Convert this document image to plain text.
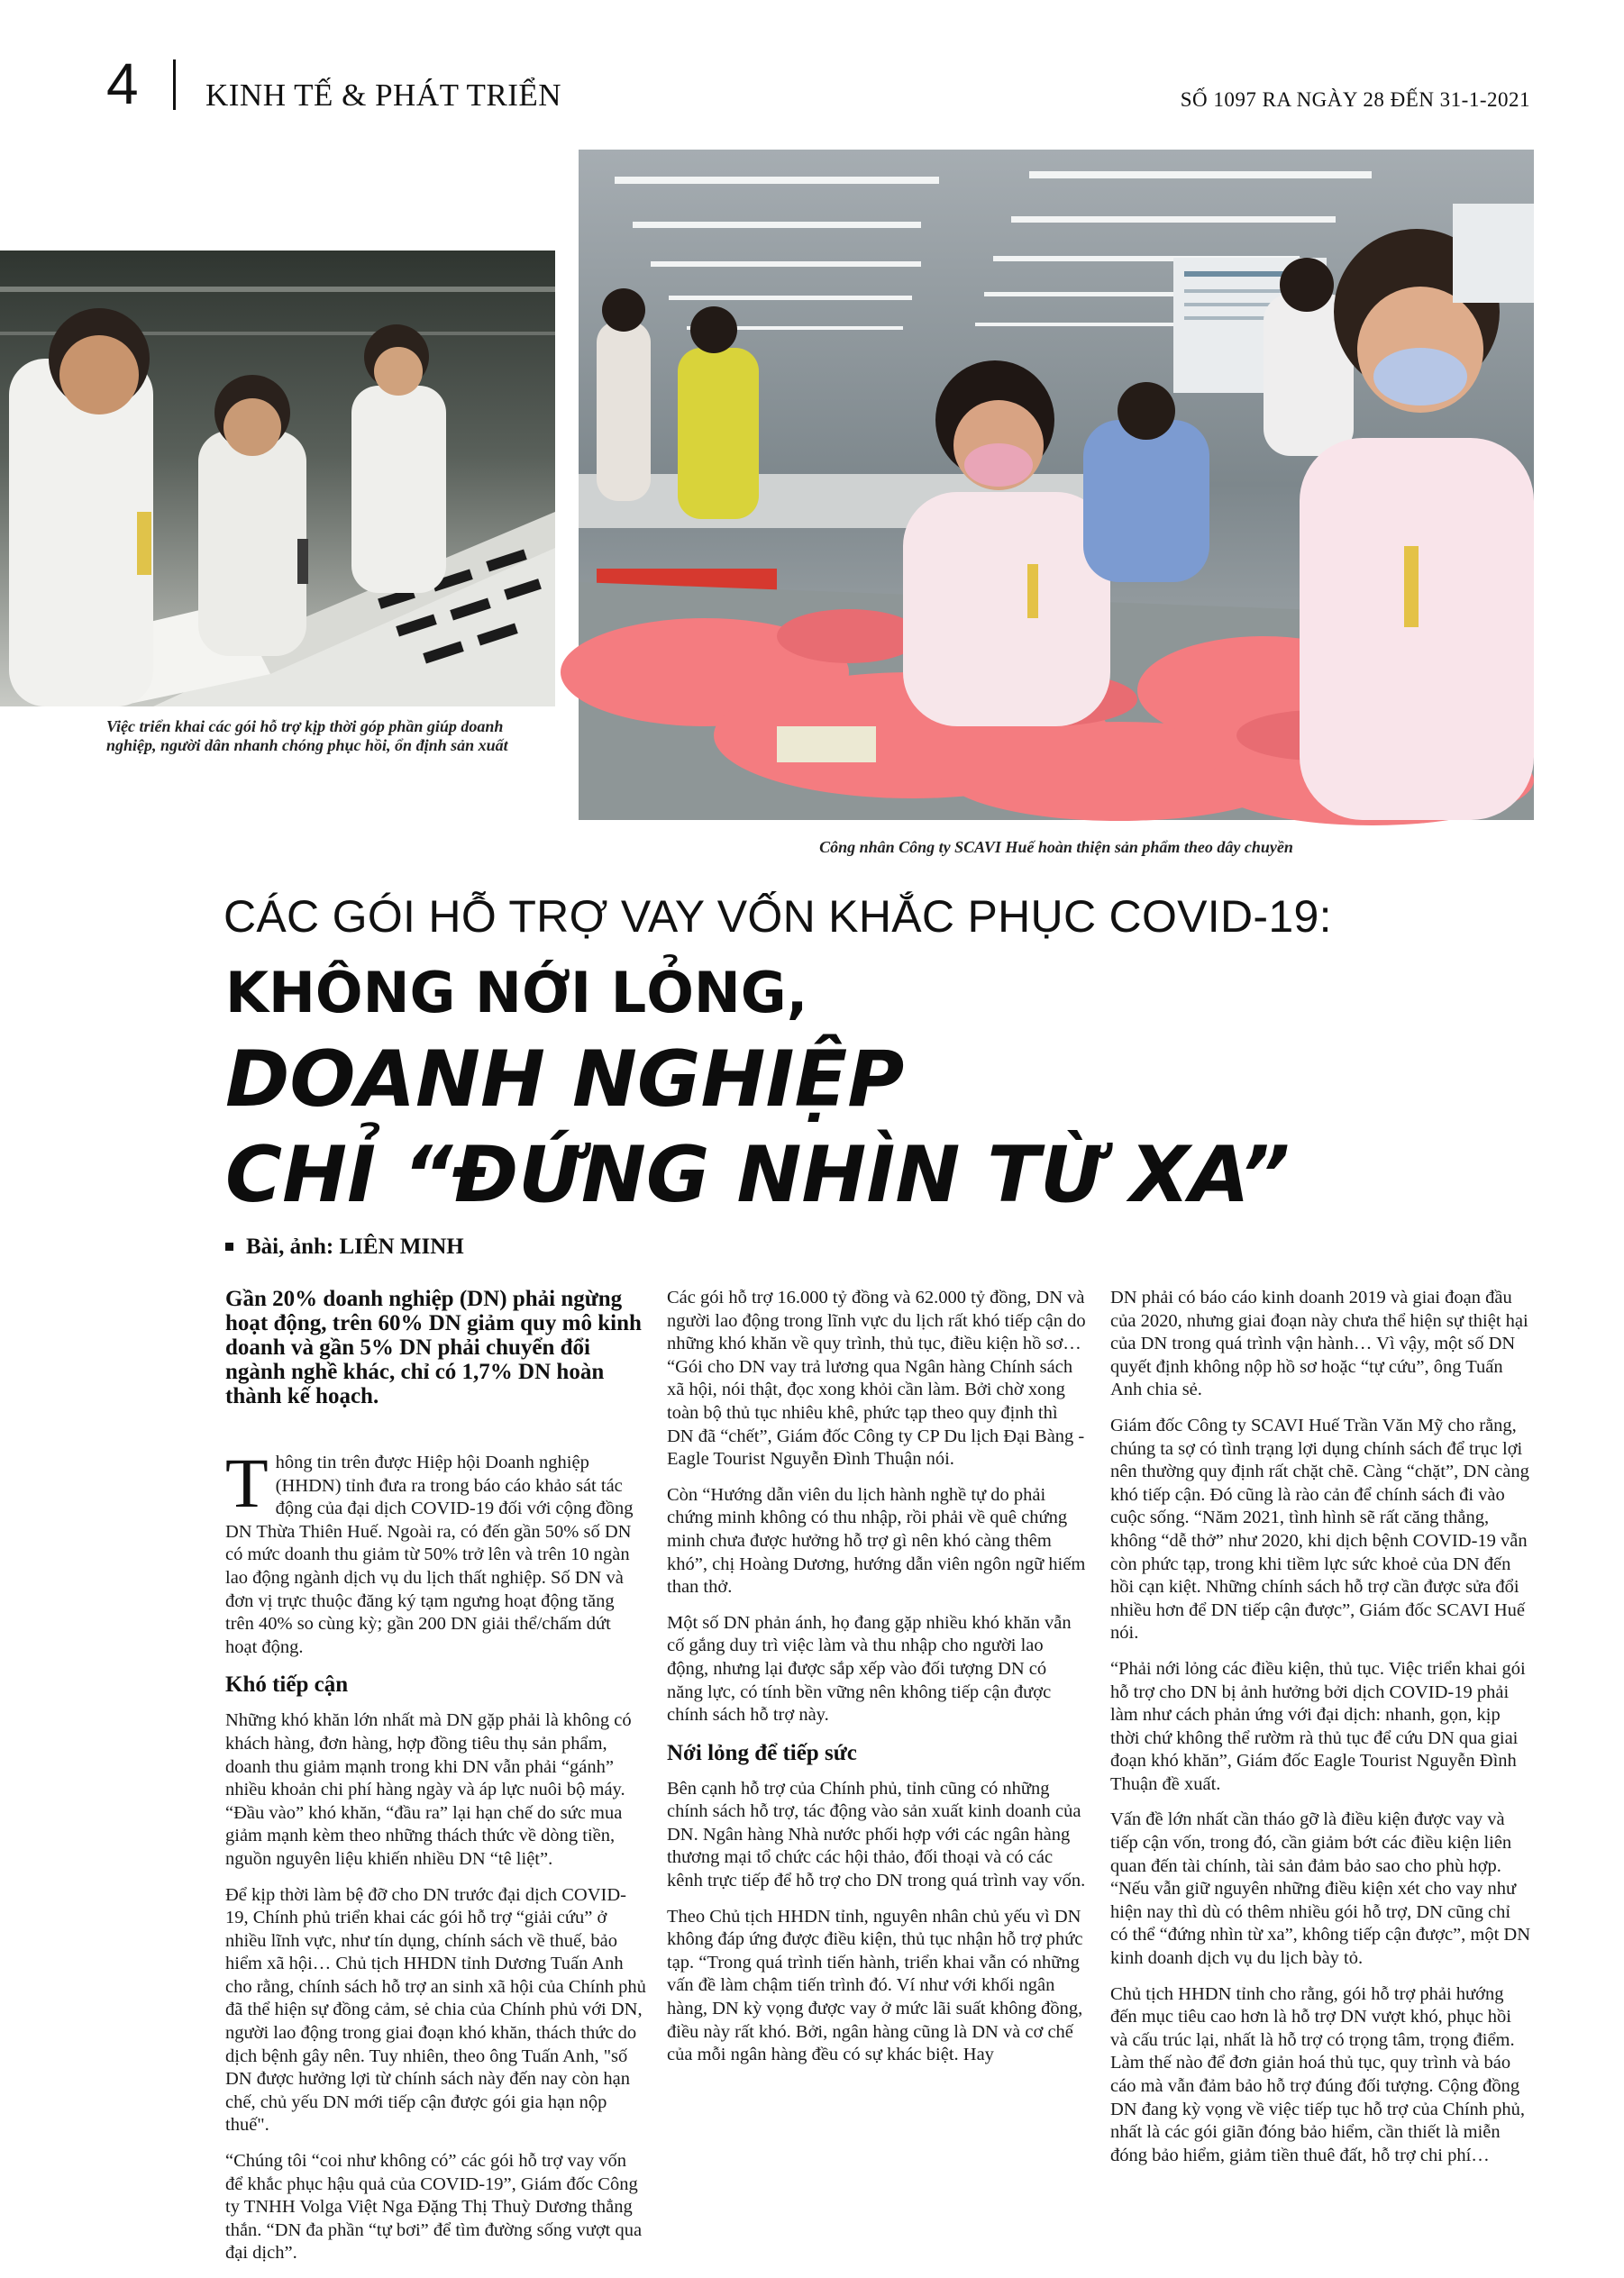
4 KINH TẾ & PHÁT TRIỂN	SỐ 1097 RA NGÀY 28 ĐẾN 31-1-2021
Việc triển khai các gói hỗ trợ kịp thời góp phần giúp doanh nghiệp, người dân nhanh chóng phục hồi, ổn định sản xuất
Công nhân Công ty SCAVI Huế hoàn thiện sản phẩm theo dây chuyền
CÁC GÓI HỖ TRỢ VAY VỐN KHẮC PHỤC COVID-19:
KHÔNG NỚI LỎNG,
DOANH NGHIỆP
CHỈ “ĐỨNG NHÌN TỪ XA”
Bài, ảnh: LIÊN MINH

Gần 20% doanh nghiệp (DN) phải ngừng hoạt động, trên 60% DN giảm quy mô kinh doanh và gần 5% DN phải chuyển đổi ngành nghề khác, chỉ có 1,7% DN hoàn thành kế hoạch.

Thông tin trên được Hiệp hội Doanh nghiệp (HHDN) tỉnh đưa ra trong báo cáo khảo sát tác động của đại dịch COVID-19 đối với cộng đồng DN Thừa Thiên Huế. Ngoài ra, có đến gần 50% số DN có mức doanh thu giảm từ 50% trở lên và trên 10 ngàn lao động ngành dịch vụ du lịch thất nghiệp. Số DN và đơn vị trực thuộc đăng ký tạm ngưng hoạt động tăng trên 40% so cùng kỳ; gần 200 DN giải thể/chấm dứt hoạt động.

Khó tiếp cận

Những khó khăn lớn nhất mà DN gặp phải là không có khách hàng, đơn hàng, hợp đồng tiêu thụ sản phẩm, doanh thu giảm mạnh trong khi DN vẫn phải “gánh” nhiều khoản chi phí hàng ngày và áp lực nuôi bộ máy. “Đầu vào” khó khăn, “đầu ra” lại hạn chế do sức mua giảm mạnh kèm theo những thách thức về dòng tiền, nguồn nguyên liệu khiến nhiều DN “tê liệt”.

Để kịp thời làm bệ đỡ cho DN trước đại dịch COVID-19, Chính phủ triển khai các gói hỗ trợ “giải cứu” ở nhiều lĩnh vực, như tín dụng, chính sách về thuế, bảo hiểm xã hội… Chủ tịch HHDN tỉnh Dương Tuấn Anh cho rằng, chính sách hỗ trợ an sinh xã hội của Chính phủ đã thể hiện sự đồng cảm, sẻ chia của Chính phủ với DN, người lao động trong giai đoạn khó khăn, thách thức do dịch bệnh gây nên. Tuy nhiên, theo ông Tuấn Anh, "số DN được hưởng lợi từ chính sách này đến nay còn hạn chế, chủ yếu DN mới tiếp cận được gói gia hạn nộp thuế".

“Chúng tôi “coi như không có” các gói hỗ trợ vay vốn để khắc phục hậu quả của COVID-19”, Giám đốc Công ty TNHH Volga Việt Nga Đặng Thị Thuỳ Dương thẳng thắn. “DN đa phần “tự bơi” để tìm đường sống vượt qua đại dịch”.

Các gói hỗ trợ 16.000 tỷ đồng và 62.000 tỷ đồng, DN và người lao động trong lĩnh vực du lịch rất khó tiếp cận do những khó khăn về quy trình, thủ tục, điều kiện hồ sơ… “Gói cho DN vay trả lương qua Ngân hàng Chính sách xã hội, nói thật, đọc xong khỏi cần làm. Bởi chờ xong toàn bộ thủ tục nhiêu khê, phức tạp theo quy định thì DN đã “chết”, Giám đốc Công ty CP Du lịch Đại Bàng - Eagle Tourist Nguyễn Đình Thuận nói.

Còn “Hướng dẫn viên du lịch hành nghề tự do phải chứng minh không có thu nhập, rồi phải về quê chứng minh chưa được hưởng hỗ trợ gì nên khó càng thêm khó”, chị Hoàng Dương, hướng dẫn viên ngôn ngữ hiếm than thở.

Một số DN phản ánh, họ đang gặp nhiều khó khăn vẫn cố gắng duy trì việc làm và thu nhập cho người lao động, nhưng lại được sắp xếp vào đối tượng DN có năng lực, có tính bền vững nên không tiếp cận được chính sách hỗ trợ này.

Nới lỏng để tiếp sức

Bên cạnh hỗ trợ của Chính phủ, tỉnh cũng có những chính sách hỗ trợ, tác động vào sản xuất kinh doanh của DN. Ngân hàng Nhà nước phối hợp với các ngân hàng thương mại tổ chức các hội thảo, đối thoại và có các kênh trực tiếp để hỗ trợ cho DN trong quá trình vay vốn.

Theo Chủ tịch HHDN tỉnh, nguyên nhân chủ yếu vì DN không đáp ứng được điều kiện, thủ tục nhận hỗ trợ phức tạp. “Trong quá trình tiến hành, triển khai vẫn có những vấn đề làm chậm tiến trình đó. Ví như với khối ngân hàng, DN kỳ vọng được vay ở mức lãi suất không đồng, điều này rất khó. Bởi, ngân hàng cũng là DN và cơ chế của mỗi ngân hàng đều có sự khác biệt. Hay

DN phải có báo cáo kinh doanh 2019 và giai đoạn đầu của 2020, nhưng giai đoạn này chưa thể hiện sự thiệt hại của DN trong quá trình vận hành… Vì vậy, một số DN quyết định không nộp hồ sơ hoặc “tự cứu”, ông Tuấn Anh chia sẻ.

Giám đốc Công ty SCAVI Huế Trần Văn Mỹ cho rằng, chúng ta sợ có tình trạng lợi dụng chính sách để trục lợi nên thường quy định rất chặt chẽ. Càng “chặt”, DN càng khó tiếp cận. Đó cũng là rào cản để chính sách đi vào cuộc sống. “Năm 2021, tình hình sẽ rất căng thẳng, không “dễ thở” như 2020, khi dịch bệnh COVID-19 vẫn còn phức tạp, trong khi tiềm lực sức khoẻ của DN đến hồi cạn kiệt. Những chính sách hỗ trợ cần được sửa đổi nhiều hơn để DN tiếp cận được”, Giám đốc SCAVI Huế nói.

“Phải nới lỏng các điều kiện, thủ tục. Việc triển khai gói hỗ trợ cho DN bị ảnh hưởng bởi dịch COVID-19 phải làm như cách phản ứng với đại dịch: nhanh, gọn, kịp thời chứ không thể rườm rà thủ tục để cứu DN qua giai đoạn khó khăn”, Giám đốc Eagle Tourist Nguyễn Đình Thuận đề xuất.

Vấn đề lớn nhất cần tháo gỡ là điều kiện được vay và tiếp cận vốn, trong đó, cần giảm bớt các điều kiện liên quan đến tài chính, tài sản đảm bảo sao cho phù hợp. “Nếu vẫn giữ nguyên những điều kiện xét cho vay như hiện nay thì dù có thêm nhiều gói hỗ trợ, DN cũng chỉ có thể “đứng nhìn từ xa”, không tiếp cận được”, một DN kinh doanh dịch vụ du lịch bày tỏ.

Chủ tịch HHDN tỉnh cho rằng, gói hỗ trợ phải hướng đến mục tiêu cao hơn là hỗ trợ DN vượt khó, phục hồi và cấu trúc lại, nhất là hỗ trợ có trọng tâm, trọng điểm. Làm thế nào để đơn giản hoá thủ tục, quy trình và báo cáo mà vẫn đảm bảo hỗ trợ đúng đối tượng. Cộng đồng DN đang kỳ vọng về việc tiếp tục hỗ trợ của Chính phủ, nhất là các gói giãn đóng bảo hiểm, cần thiết là miễn đóng bảo hiểm, giảm tiền thuê đất, hỗ trợ chi phí…
